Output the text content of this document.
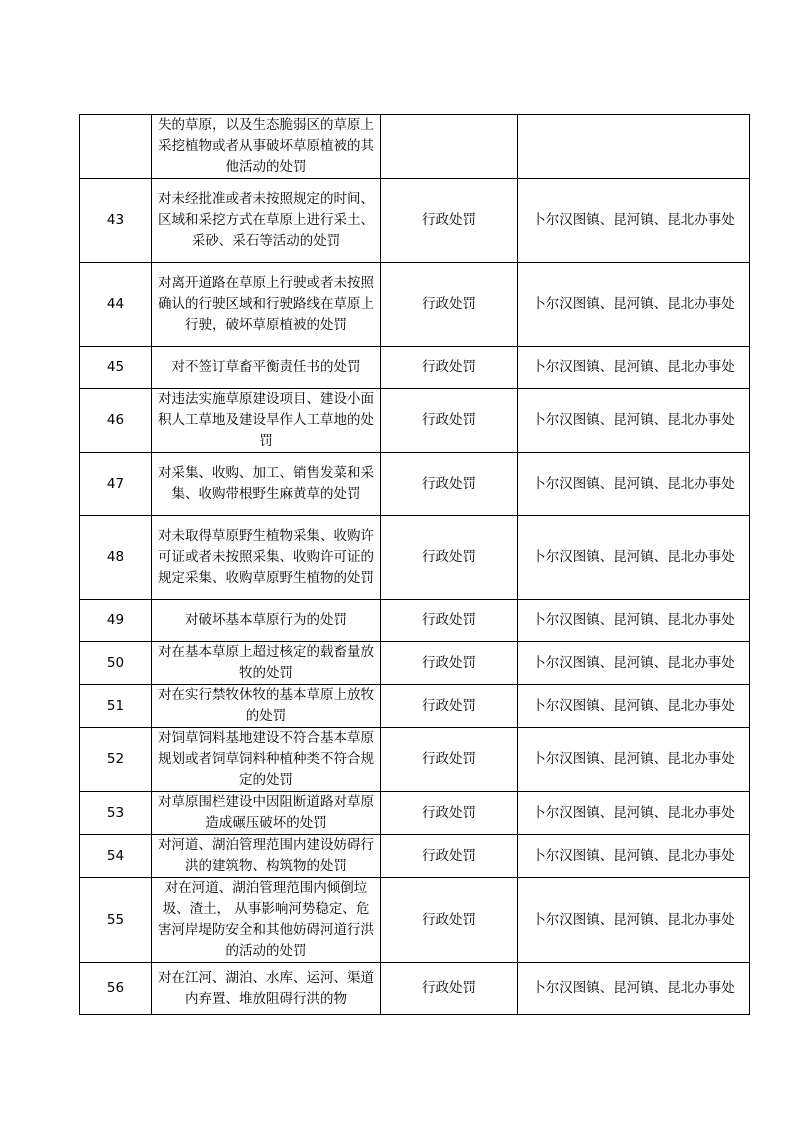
	失的草原，以及生态脆弱区的草原上采挖植物或者从事破坏草原植被的其他活动的处罚		
43	对未经批准或者未按照规定的时间、区域和采挖方式在草原上进行采土、采砂、采石等活动的处罚	行政处罚	卜尔汉图镇、昆河镇、昆北办事处
44	对离开道路在草原上行驶或者未按照确认的行驶区域和行驶路线在草原上行驶，破坏草原植被的处罚	行政处罚	卜尔汉图镇、昆河镇、昆北办事处
45	对不签订草畜平衡责任书的处罚	行政处罚	卜尔汉图镇、昆河镇、昆北办事处
46	对违法实施草原建设项目、建设小面积人工草地及建设旱作人工草地的处罚	行政处罚	卜尔汉图镇、昆河镇、昆北办事处
47	对采集、收购、加工、销售发菜和采集、收购带根野生麻黄草的处罚	行政处罚	卜尔汉图镇、昆河镇、昆北办事处
48	对未取得草原野生植物采集、收购许可证或者未按照采集、收购许可证的规定采集、收购草原野生植物的处罚	行政处罚	卜尔汉图镇、昆河镇、昆北办事处
49	对破坏基本草原行为的处罚	行政处罚	卜尔汉图镇、昆河镇、昆北办事处
50	对在基本草原上超过核定的载畜量放牧的处罚	行政处罚	卜尔汉图镇、昆河镇、昆北办事处
51	对在实行禁牧休牧的基本草原上放牧的处罚	行政处罚	卜尔汉图镇、昆河镇、昆北办事处
52	对饲草饲料基地建设不符合基本草原规划或者饲草饲料种植种类不符合规定的处罚	行政处罚	卜尔汉图镇、昆河镇、昆北办事处
53	对草原围栏建设中因阻断道路对草原造成碾压破坏的处罚	行政处罚	卜尔汉图镇、昆河镇、昆北办事处
54	对河道、湖泊管理范围内建设妨碍行洪的建筑物、构筑物的处罚	行政处罚	卜尔汉图镇、昆河镇、昆北办事处
55	对在河道、湖泊管理范围内倾倒垃圾、渣土， 从事影响河势稳定、危害河岸堤防安全和其他妨碍河道行洪的活动的处罚	行政处罚	卜尔汉图镇、昆河镇、昆北办事处
56	对在江河、湖泊、水库、运河、渠道内弃置、堆放阻碍行洪的物	行政处罚	卜尔汉图镇、昆河镇、昆北办事处
